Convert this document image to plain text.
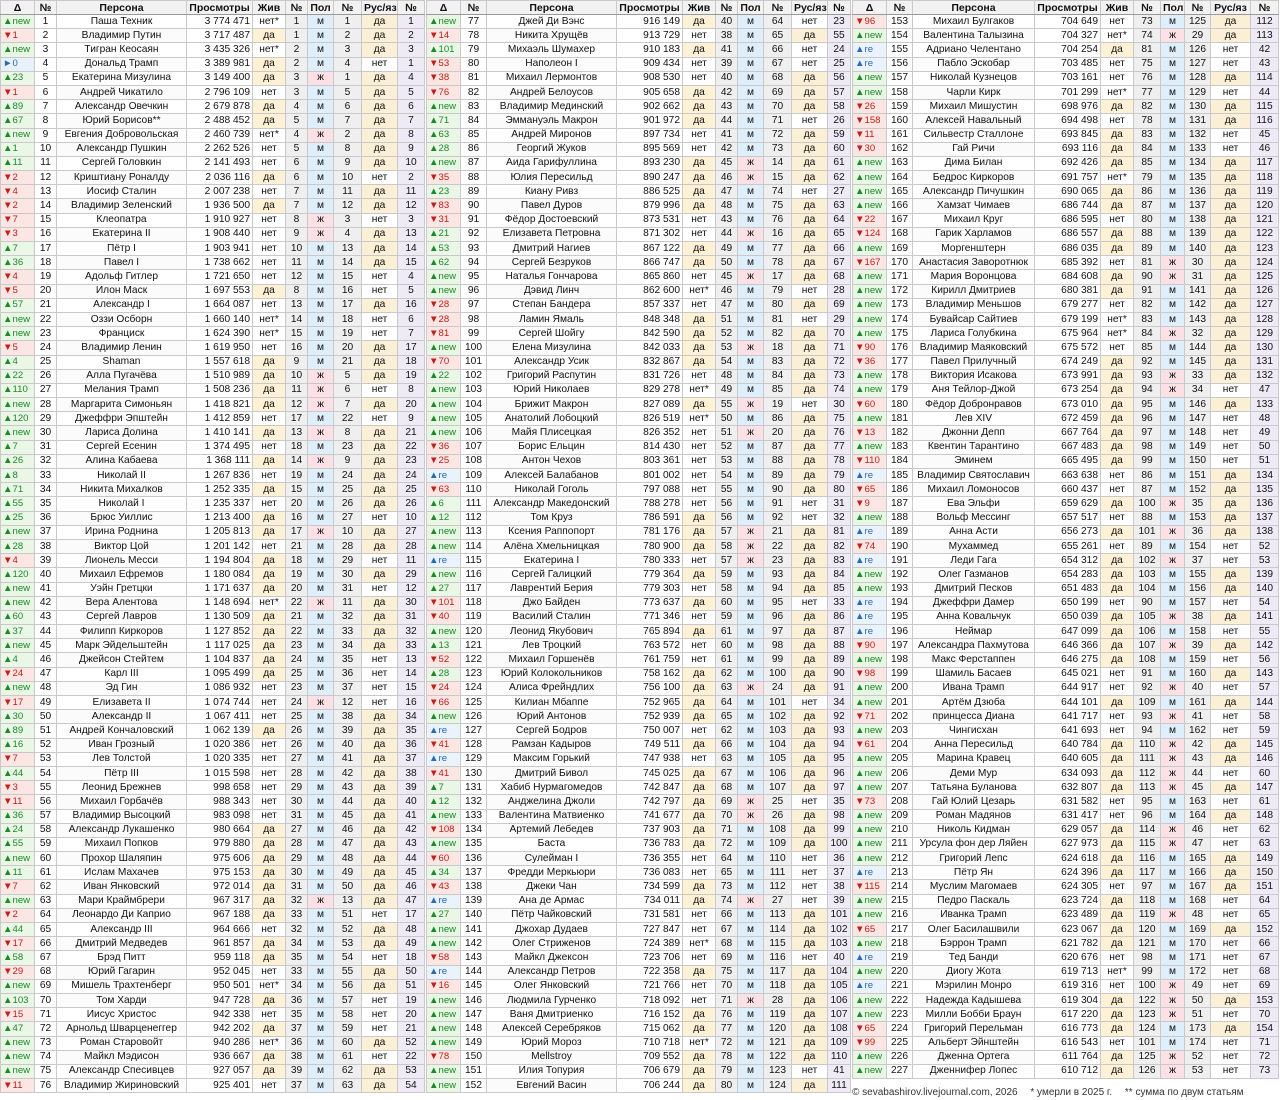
Δ	№	Персона	Просмотры	Жив	№	Пол	№	Рус/яз	№
▲new	1	Паша Техник	3 774 471	нет*	1	м	1	да	1
▼1	2	Владимир Путин	3 717 487	да	1	м	2	да	2
▲new	3	Тигран Кеосаян	3 435 326	нет*	2	м	3	да	3
►0	4	Дональд Трамп	3 389 981	да	2	м	4	нет	1
▲23	5	Екатерина Мизулина	3 149 400	да	3	ж	1	да	4
▼1	6	Андрей Чикатило	2 796 109	нет	3	м	5	да	5
▲89	7	Александр Овечкин	2 679 878	да	4	м	6	да	6
▲67	8	Юрий Борисов**	2 488 452	да	5	м	7	да	7
▲new	9	Евгения Добровольская	2 460 739	нет*	4	ж	2	да	8
▲1	10	Александр Пушкин	2 262 526	нет	5	м	8	да	9
▲11	11	Сергей Головкин	2 141 493	нет	6	м	9	да	10
▼2	12	Криштиану Роналду	2 036 116	да	6	м	10	нет	2
▼4	13	Иосиф Сталин	2 007 238	нет	7	м	11	да	11
▼2	14	Владимир Зеленский	1 936 500	да	7	м	12	да	12
▼7	15	Клеопатра	1 910 927	нет	8	ж	3	нет	3
▼3	16	Екатерина II	1 908 440	нет	9	ж	4	да	13
▲7	17	Пётр I	1 903 941	нет	10	м	13	да	14
▲36	18	Павел I	1 738 662	нет	11	м	14	да	15
▼4	19	Адольф Гитлер	1 721 650	нет	12	м	15	нет	4
▼5	20	Илон Маск	1 697 553	да	8	м	16	нет	5
▲57	21	Александр I	1 664 087	нет	13	м	17	да	16
▲new	22	Оззи Осборн	1 660 140	нет*	14	м	18	нет	6
▲new	23	Франциск	1 624 390	нет*	15	м	19	нет	7
▼5	24	Владимир Ленин	1 619 950	нет	16	м	20	да	17
▲4	25	Shaman	1 557 618	да	9	м	21	да	18
▲22	26	Алла Пугачёва	1 510 989	да	10	ж	5	да	19
▲110	27	Мелания Трамп	1 508 236	да	11	ж	6	нет	8
▲new	28	Маргарита Симоньян	1 418 821	да	12	ж	7	да	20
▲120	29	Джеффри Эпштейн	1 412 859	нет	17	м	22	нет	9
▲new	30	Лариса Долина	1 410 141	да	13	ж	8	да	21
▲7	31	Сергей Есенин	1 374 495	нет	18	м	23	да	22
▲26	32	Алина Кабаева	1 368 111	да	14	ж	9	да	23
▲8	33	Николай II	1 267 836	нет	19	м	24	да	24
▲71	34	Никита Михалков	1 252 335	да	15	м	25	да	25
▲55	35	Николай I	1 235 337	нет	20	м	26	да	26
▲25	36	Брюс Уиллис	1 213 400	да	16	м	27	нет	10
▲new	37	Ирина Роднина	1 205 813	да	17	ж	10	да	27
▲28	38	Виктор Цой	1 201 142	нет	21	м	28	да	28
▼4	39	Лионель Месси	1 194 804	да	18	м	29	нет	11
▲120	40	Михаил Ефремов	1 180 084	да	19	м	30	да	29
▲new	41	Уэйн Гретцки	1 171 637	да	20	м	31	нет	12
▲new	42	Вера Алентова	1 148 694	нет*	22	ж	11	да	30
▲60	43	Сергей Лавров	1 130 509	да	21	м	32	да	31
▲37	44	Филипп Киркоров	1 127 852	да	22	м	33	да	32
▲new	45	Марк Эйдельштейн	1 117 025	да	23	м	34	да	33
▲4	46	Джейсон Стейтем	1 104 837	да	24	м	35	нет	13
▼24	47	Карл III	1 095 499	да	25	м	36	нет	14
▲new	48	Эд Гин	1 086 932	нет	23	м	37	нет	15
▼17	49	Елизавета II	1 074 744	нет	24	ж	12	нет	16
▲30	50	Александр II	1 067 411	нет	25	м	38	да	34
▲89	51	Андрей Кончаловский	1 062 139	да	26	м	39	да	35
▲16	52	Иван Грозный	1 020 386	нет	26	м	40	да	36
▼7	53	Лев Толстой	1 020 335	нет	27	м	41	да	37
▲44	54	Пётр III	1 015 598	нет	28	м	42	да	38
▼3	55	Леонид Брежнев	998 658	нет	29	м	43	да	39
▼11	56	Михаил Горбачёв	988 343	нет	30	м	44	да	40
▲36	57	Владимир Высоцкий	983 098	нет	31	м	45	да	41
▲24	58	Александр Лукашенко	980 664	да	27	м	46	да	42
▲55	59	Михаил Попков	979 880	да	28	м	47	да	43
▲new	60	Прохор Шаляпин	975 606	да	29	м	48	да	44
▲11	61	Ислам Махачев	975 153	да	30	м	49	да	45
▼7	62	Иван Янковский	972 014	да	31	м	50	да	46
▲new	63	Мари Краймбрери	967 317	да	32	ж	13	да	47
▼2	64	Леонардо Ди Каприо	967 188	да	33	м	51	нет	17
▲44	65	Александр III	964 666	нет	32	м	52	да	48
▼17	66	Дмитрий Медведев	961 857	да	34	м	53	да	49
▲58	67	Брэд Питт	959 118	да	35	м	54	нет	18
▼29	68	Юрий Гагарин	952 045	нет	33	м	55	да	50
▲new	69	Мишель Трахтенберг	950 501	нет*	34	м	56	да	51
▲103	70	Том Харди	947 728	да	36	м	57	нет	19
▼15	71	Иисус Христос	942 338	нет	35	м	58	нет	20
▲47	72	Арнольд Шварценеггер	942 202	да	37	м	59	нет	21
▲new	73	Роман Старовойт	940 286	нет*	36	м	60	да	52
▲new	74	Майкл Мэдисон	936 667	да	38	м	61	нет	22
▲new	75	Александр Спесивцев	927 057	да	39	м	62	да	53
▼11	76	Владимир Жириновский	925 401	нет	37	м	63	да	54
Δ	№	Персона	Просмотры	Жив	№	Пол	№	Рус/яз	№
▲new	77	Джей Ди Вэнс	916 149	да	40	м	64	нет	23
▼14	78	Никита Хрущёв	913 729	нет	38	м	65	да	55
▲101	79	Михаэль Шумахер	910 183	да	41	м	66	нет	24
▼53	80	Наполеон I	909 434	нет	39	м	67	нет	25
▼38	81	Михаил Лермонтов	908 530	нет	40	м	68	да	56
▼76	82	Андрей Белоусов	905 658	да	42	м	69	да	57
▲new	83	Владимир Мединский	902 662	да	43	м	70	да	58
▲71	84	Эммануэль Макрон	901 972	да	44	м	71	нет	26
▲63	85	Андрей Миронов	897 734	нет	41	м	72	да	59
▲28	86	Георгий Жуков	895 569	нет	42	м	73	да	60
▲new	87	Аида Гарифуллина	893 230	да	45	ж	14	да	61
▼35	88	Юлия Пересильд	890 247	да	46	ж	15	да	62
▲23	89	Киану Ривз	886 525	да	47	м	74	нет	27
▼83	90	Павел Дуров	879 996	да	48	м	75	да	63
▼31	91	Фёдор Достоевский	873 531	нет	43	м	76	да	64
▲21	92	Елизавета Петровна	871 302	нет	44	ж	16	да	65
▲53	93	Дмитрий Нагиев	867 122	да	49	м	77	да	66
▲62	94	Сергей Безруков	866 747	да	50	м	78	да	67
▲new	95	Наталья Гончарова	865 860	нет	45	ж	17	да	68
▲new	96	Дэвид Линч	862 600	нет*	46	м	79	нет	28
▼28	97	Степан Бандера	857 337	нет	47	м	80	да	69
▼28	98	Ламин Ямаль	848 348	да	51	м	81	нет	29
▼81	99	Сергей Шойгу	842 590	да	52	м	82	да	70
▲new	100	Елена Мизулина	842 033	да	53	ж	18	да	71
▼70	101	Александр Усик	832 867	да	54	м	83	да	72
▲22	102	Григорий Распутин	831 726	нет	48	м	84	да	73
▲new	103	Юрий Николаев	829 278	нет*	49	м	85	да	74
▲new	104	Брижит Макрон	827 089	да	55	ж	19	нет	30
▲new	105	Анатолий Лобоцкий	826 519	нет*	50	м	86	да	75
▲new	106	Майя Плисецкая	826 352	нет	51	ж	20	да	76
▼36	107	Борис Ельцин	814 430	нет	52	м	87	да	77
▼25	108	Антон Чехов	803 361	нет	53	м	88	да	78
▲re	109	Алексей Балабанов	801 002	нет	54	м	89	да	79
▼63	110	Николай Гоголь	797 088	нет	55	м	90	да	80
▲6	111	Александр Македонский	788 278	нет	56	м	91	нет	31
▲12	112	Том Круз	786 591	да	56	м	92	нет	32
▲new	113	Ксения Раппопорт	781 176	да	57	ж	21	да	81
▲new	114	Алёна Хмельницкая	780 900	да	58	ж	22	да	82
▲re	115	Екатерина I	780 333	нет	57	ж	23	да	83
▲new	116	Сергей Галицкий	779 364	да	59	м	93	да	84
▲27	117	Лаврентий Берия	779 303	нет	58	м	94	да	85
▼101	118	Джо Байден	773 637	да	60	м	95	нет	33
▼40	119	Василий Сталин	771 346	нет	59	м	96	да	86
▲new	120	Леонид Якубович	765 894	да	61	м	97	да	87
▲13	121	Лев Троцкий	763 572	нет	60	м	98	да	88
▼52	122	Михаил Горшенёв	761 759	нет	61	м	99	да	89
▲28	123	Юрий Колокольников	758 162	да	62	м	100	да	90
▼24	124	Алиса Фрейндлих	756 100	да	63	ж	24	да	91
▼66	125	Килиан Мбаппе	752 965	да	64	м	101	нет	34
▲new	126	Юрий Антонов	752 939	да	65	м	102	да	92
▲re	127	Сергей Бодров	750 007	нет	62	м	103	да	93
▼41	128	Рамзан Кадыров	749 511	да	66	м	104	да	94
▲re	129	Максим Горький	747 938	нет	63	м	105	да	95
▼41	130	Дмитрий Бивол	745 025	да	67	м	106	да	96
▲7	131	Хабиб Нурмагомедов	742 847	да	68	м	107	да	97
▲12	132	Анджелина Джоли	742 797	да	69	ж	25	нет	35
▲new	133	Валентина Матвиенко	741 677	да	70	ж	26	да	98
▼108	134	Артемий Лебедев	737 903	да	71	м	108	да	99
▲new	135	Баста	736 783	да	72	м	109	да	100
▼60	136	Сулейман I	736 355	нет	64	м	110	нет	36
▲34	137	Фредди Меркьюри	736 083	нет	65	м	111	нет	37
▼43	138	Джеки Чан	734 599	да	73	м	112	нет	38
▲re	139	Ана де Армас	734 011	да	74	ж	27	нет	39
▲27	140	Пётр Чайковский	731 581	нет	66	м	113	да	101
▲new	141	Джохар Дудаев	727 847	нет	67	м	114	да	102
▲new	142	Олег Стриженов	724 389	нет*	68	м	115	да	103
▼58	143	Майкл Джексон	723 706	нет	69	м	116	нет	40
▲re	144	Александр Петров	722 358	да	75	м	117	да	104
▼16	145	Олег Янковский	721 766	нет	70	м	118	да	105
▲new	146	Людмила Гурченко	718 092	нет	71	ж	28	да	106
▲new	147	Ваня Дмитриенко	716 152	да	76	м	119	да	107
▲new	148	Алексей Серебряков	715 062	да	77	м	120	да	108
▲new	149	Юрий Мороз	710 718	нет*	72	м	121	да	109
▼78	150	Mellstroy	709 552	да	78	м	122	да	110
▲new	151	Илия Топурия	706 679	да	79	м	123	нет	41
▲new	152	Евгений Васин	706 244	да	80	м	124	да	111
Δ	№	Персона	Просмотры	Жив	№	Пол	№	Рус/яз	№
▼96	153	Михаил Булгаков	704 649	нет	73	м	125	да	112
▲new	154	Валентина Талызина	704 327	нет*	74	ж	29	да	113
▲re	155	Адриано Челентано	704 254	да	81	м	126	нет	42
▲re	156	Пабло Эскобар	703 485	нет	75	м	127	нет	43
▲new	157	Николай Кузнецов	703 161	нет	76	м	128	да	114
▲new	158	Чарли Кирк	701 299	нет*	77	м	129	нет	44
▼26	159	Михаил Мишустин	698 976	да	82	м	130	да	115
▼158	160	Алексей Навальный	694 498	нет	78	м	131	да	116
▼11	161	Сильвестр Сталлоне	693 845	да	83	м	132	нет	45
▼30	162	Гай Ричи	693 116	да	84	м	133	нет	46
▲new	163	Дима Билан	692 426	да	85	м	134	да	117
▲new	164	Бедрос Киркоров	691 757	нет*	79	м	135	да	118
▲new	165	Александр Пичушкин	690 065	да	86	м	136	да	119
▲new	166	Хамзат Чимаев	686 744	да	87	м	137	да	120
▼22	167	Михаил Круг	686 595	нет	80	м	138	да	121
▼124	168	Гарик Харламов	686 557	да	88	м	139	да	122
▲new	169	Моргенштерн	686 035	да	89	м	140	да	123
▼167	170	Анастасия Заворотнюк	685 392	нет	81	ж	30	да	124
▲new	171	Мария Воронцова	684 608	да	90	ж	31	да	125
▲new	172	Кирилл Дмитриев	680 381	да	91	м	141	да	126
▲new	173	Владимир Меньшов	679 277	нет	82	м	142	да	127
▲new	174	Бувайсар Сайтиев	679 199	нет*	83	м	143	да	128
▲new	175	Лариса Голубкина	675 964	нет*	84	ж	32	да	129
▼90	176	Владимир Маяковский	675 572	нет	85	м	144	да	130
▼36	177	Павел Прилучный	674 249	да	92	м	145	да	131
▲new	178	Виктория Исакова	673 991	да	93	ж	33	да	132
▲new	179	Аня Тейлор-Джой	673 254	да	94	ж	34	нет	47
▼60	180	Фёдор Добронравов	673 010	да	95	м	146	да	133
▲new	181	Лев XIV	672 459	да	96	м	147	нет	48
▼13	182	Джонни Депп	667 764	да	97	м	148	нет	49
▲new	183	Квентин Тарантино	667 483	да	98	м	149	нет	50
▼110	184	Эминем	665 495	да	99	м	150	нет	51
▲re	185	Владимир Святославич	663 638	нет	86	м	151	да	134
▼65	186	Михаил Ломоносов	660 437	нет	87	м	152	да	135
▼9	187	Ева Эльфи	659 629	да	100	ж	35	да	136
▲new	188	Вольф Мессинг	657 517	нет	88	м	153	да	137
▲re	189	Анна Асти	656 273	да	101	ж	36	да	138
▼74	190	Мухаммед	655 261	нет	89	м	154	нет	52
▲re	191	Леди Гага	654 312	да	102	ж	37	нет	53
▲new	192	Олег Газманов	654 283	да	103	м	155	да	139
▲new	193	Дмитрий Песков	651 483	да	104	м	156	да	140
▲re	194	Джеффри Дамер	650 199	нет	90	м	157	нет	54
▲re	195	Анна Ковальчук	650 039	да	105	ж	38	да	141
▲re	196	Неймар	647 099	да	106	м	158	нет	55
▼90	197	Александра Пахмутова	646 366	да	107	ж	39	да	142
▲new	198	Макс Ферстаппен	646 275	да	108	м	159	нет	56
▼98	199	Шамиль Басаев	645 021	нет	91	м	160	да	143
▲new	200	Ивана Трамп	644 917	нет	92	ж	40	нет	57
▲new	201	Артём Дзюба	644 101	да	109	м	161	да	144
▼71	202	принцесса Диана	641 717	нет	93	ж	41	нет	58
▲new	203	Чингисхан	641 693	нет	94	м	162	нет	59
▼61	204	Анна Пересильд	640 784	да	110	ж	42	да	145
▲new	205	Марина Кравец	640 605	да	111	ж	43	да	146
▲new	206	Деми Мур	634 093	да	112	ж	44	нет	60
▲new	207	Татьяна Буланова	632 807	да	113	ж	45	да	147
▼73	208	Гай Юлий Цезарь	631 582	нет	95	м	163	нет	61
▲new	209	Роман Мадянов	631 417	нет	96	м	164	да	148
▲new	210	Николь Кидман	629 057	да	114	ж	46	нет	62
▲new	211	Урсула фон дер Ляйен	627 973	да	115	ж	47	нет	63
▲new	212	Григорий Лепс	624 618	да	116	м	165	да	149
▲re	213	Пётр Ян	624 396	да	117	м	166	да	150
▼115	214	Муслим Магомаев	624 305	нет	97	м	167	да	151
▲new	215	Педро Паскаль	623 724	да	118	м	168	нет	64
▲new	216	Иванка Трамп	623 489	да	119	ж	48	нет	65
▼65	217	Олег Басилашвили	623 067	да	120	м	169	да	152
▲new	218	Бэррон Трамп	621 782	да	121	м	170	нет	66
▲re	219	Тед Банди	620 676	нет	98	м	171	нет	67
▲new	220	Диогу Жота	619 713	нет*	99	м	172	нет	68
▲re	221	Мэрилин Монро	619 316	нет	100	ж	49	нет	69
▲new	222	Надежда Кадышева	619 304	да	122	ж	50	да	153
▲new	223	Милли Бобби Браун	617 220	да	123	ж	51	нет	70
▼65	224	Григорий Перельман	616 773	да	124	м	173	да	154
▼99	225	Альберт Эйнштейн	616 543	нет	101	м	174	нет	71
▲new	226	Дженна Ортега	611 764	да	125	ж	52	нет	72
▲new	227	Дженнифер Лопес	610 712	да	126	ж	53	нет	73
© sevabashirov.livejournal.com, 2026 * умерли в 2025 г. ** сумма по двум статьям
